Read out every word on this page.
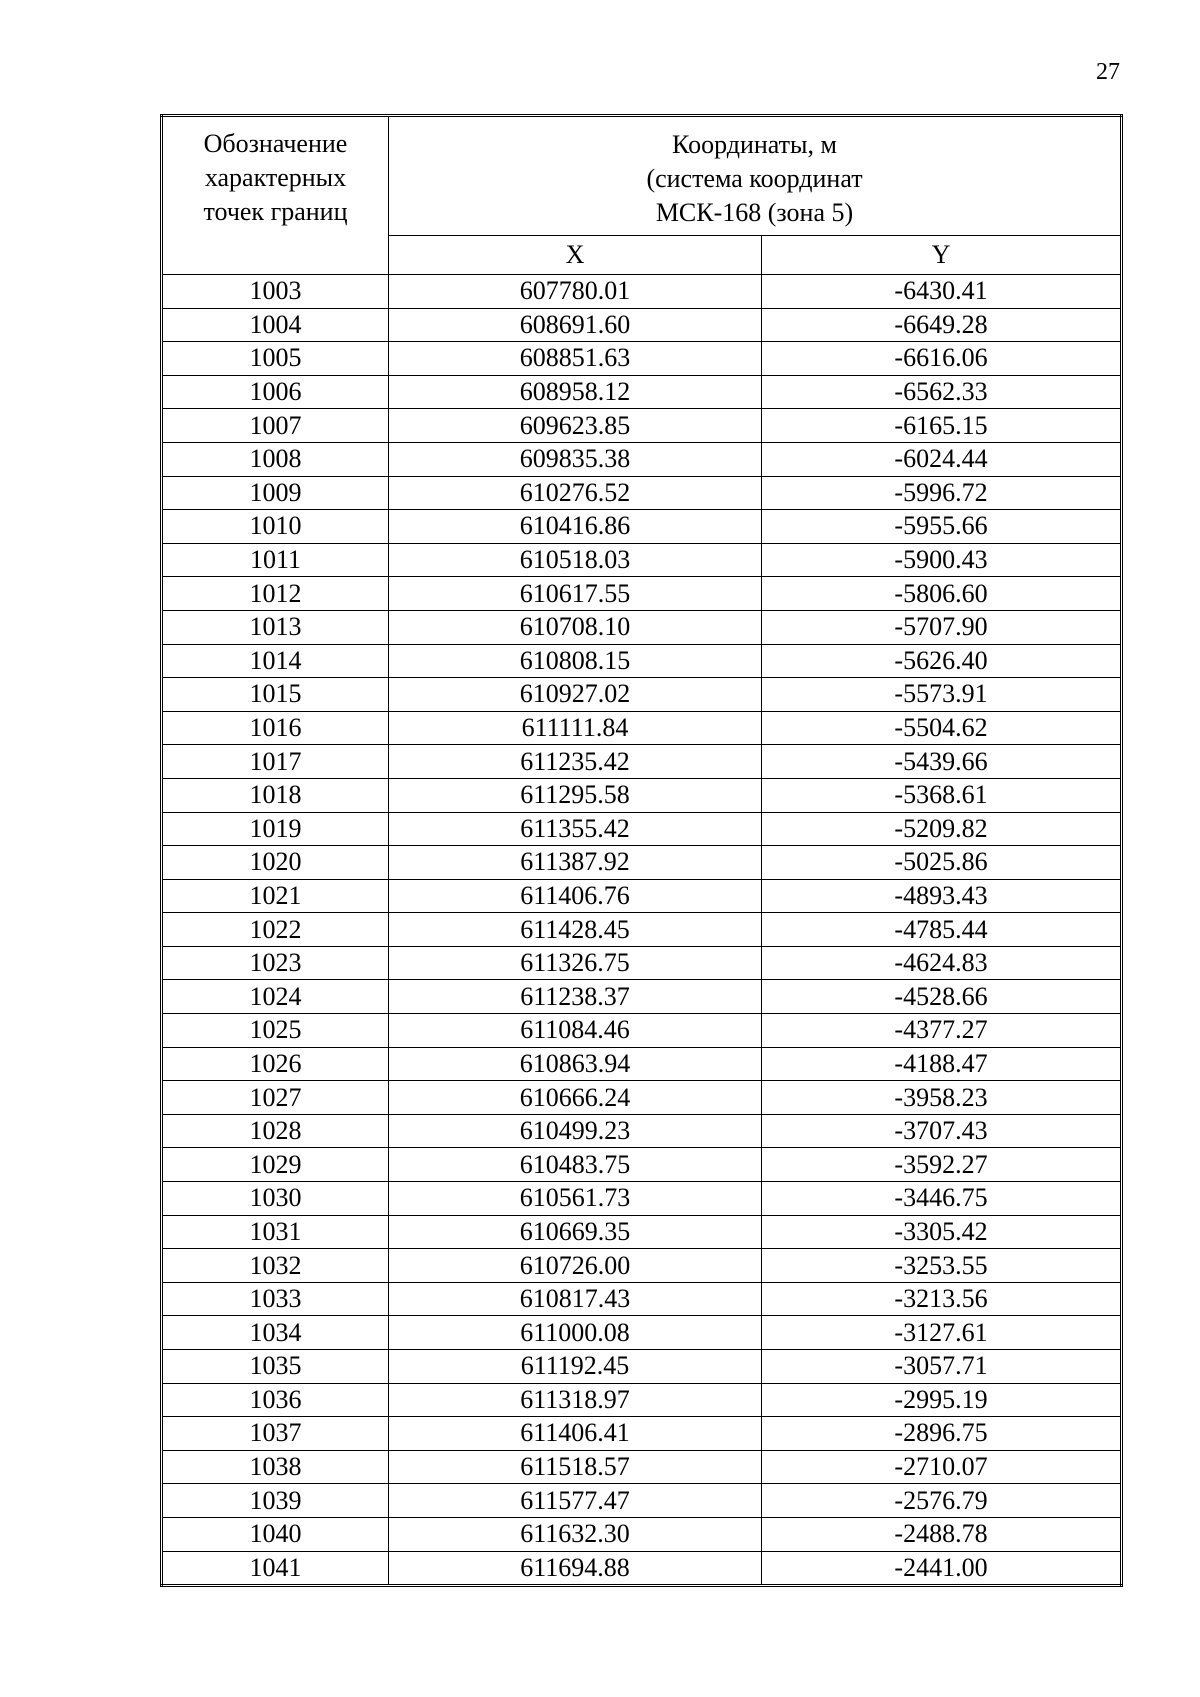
27
Обозначение
характерных
точек границ	Координаты, м
(система координат
МСК-168 (зона 5)	

	X	Y
1003	607780.01	-6430.41
1004	608691.60	-6649.28
1005	608851.63	-6616.06
1006	608958.12	-6562.33
1007	609623.85	-6165.15
1008	609835.38	-6024.44
1009	610276.52	-5996.72
1010	610416.86	-5955.66
1011	610518.03	-5900.43
1012	610617.55	-5806.60
1013	610708.10	-5707.90
1014	610808.15	-5626.40
1015	610927.02	-5573.91
1016	611111.84	-5504.62
1017	611235.42	-5439.66
1018	611295.58	-5368.61
1019	611355.42	-5209.82
1020	611387.92	-5025.86
1021	611406.76	-4893.43
1022	611428.45	-4785.44
1023	611326.75	-4624.83
1024	611238.37	-4528.66
1025	611084.46	-4377.27
1026	610863.94	-4188.47
1027	610666.24	-3958.23
1028	610499.23	-3707.43
1029	610483.75	-3592.27
1030	610561.73	-3446.75
1031	610669.35	-3305.42
1032	610726.00	-3253.55
1033	610817.43	-3213.56
1034	611000.08	-3127.61
1035	611192.45	-3057.71
1036	611318.97	-2995.19
1037	611406.41	-2896.75
1038	611518.57	-2710.07
1039	611577.47	-2576.79
1040	611632.30	-2488.78
1041	611694.88	-2441.00
